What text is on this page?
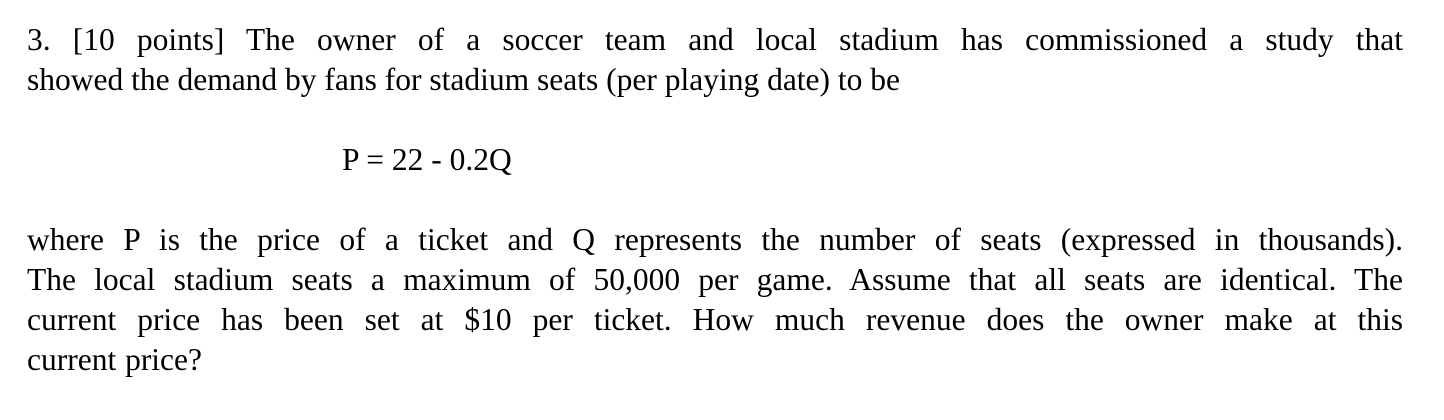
3. [10 points] The owner of a soccer team and local stadium has commissioned a study that
showed the demand by fans for stadium seats (per playing date) to be

P = 22 - 0.2Q

where P is the price of a ticket and Q represents the number of seats (expressed in thousands).
The local stadium seats a maximum of 50,000 per game. Assume that all seats are identical. The
current price has been set at $10 per ticket. How much revenue does the owner make at this
current price?
